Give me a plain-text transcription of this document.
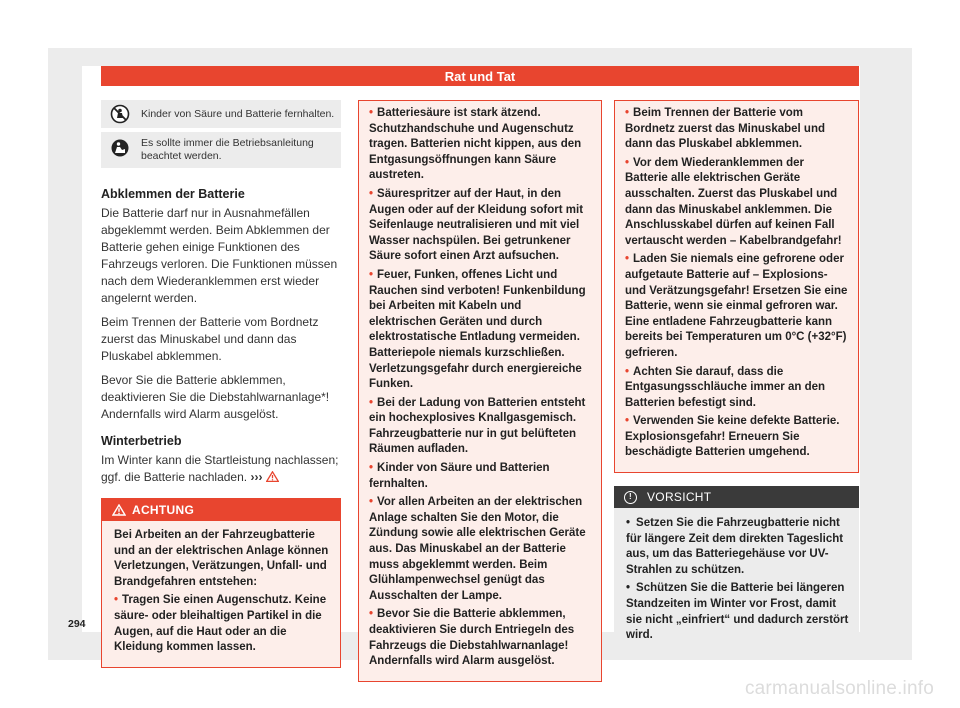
Rat und Tat
Kinder von Säure und Batterie fernhalten.
Es sollte immer die Betriebsanleitung beachtet werden.
Abklemmen der Batterie

Die Batterie darf nur in Ausnahmefällen abgeklemmt werden. Beim Abklemmen der Batterie gehen einige Funktionen des Fahrzeugs verloren. Die Funktionen müssen nach dem Wiederanklemmen erst wieder angelernt werden.

Beim Trennen der Batterie vom Bordnetz zuerst das Minuskabel und dann das Pluskabel abklemmen.

Bevor Sie die Batterie abklemmen, deaktivieren Sie die Diebstahlwarnanlage*! Andernfalls wird Alarm ausgelöst.

Winterbetrieb

Im Winter kann die Startleistung nachlassen; ggf. die Batterie nachladen. ›››

ACHTUNG

Bei Arbeiten an der Fahrzeugbatterie und an der elektrischen Anlage können Verletzungen, Verätzungen, Unfall- und Brandgefahren entstehen:

• Tragen Sie einen Augenschutz. Keine säure- oder bleihaltigen Partikel in die Augen, auf die Haut oder an die Kleidung kommen lassen.

• Batteriesäure ist stark ätzend. Schutzhandschuhe und Augenschutz tragen. Batterien nicht kippen, aus den Entgasungsöffnungen kann Säure austreten.

• Säurespritzer auf der Haut, in den Augen oder auf der Kleidung sofort mit Seifenlauge neutralisieren und mit viel Wasser nachspülen. Bei getrunkener Säure sofort einen Arzt aufsuchen.

• Feuer, Funken, offenes Licht und Rauchen sind verboten! Funkenbildung bei Arbeiten mit Kabeln und elektrischen Geräten und durch elektrostatische Entladung vermeiden. Batteriepole niemals kurzschließen. Verletzungsgefahr durch energiereiche Funken.

• Bei der Ladung von Batterien entsteht ein hochexplosives Knallgasgemisch. Fahrzeugbatterie nur in gut belüfteten Räumen aufladen.

• Kinder von Säure und Batterien fernhalten.

• Vor allen Arbeiten an der elektrischen Anlage schalten Sie den Motor, die Zündung sowie alle elektrischen Geräte aus. Das Minuskabel an der Batterie muss abgeklemmt werden. Beim Glühlampenwechsel genügt das Ausschalten der Lampe.

• Bevor Sie die Batterie abklemmen, deaktivieren Sie durch Entriegeln des Fahrzeugs die Diebstahlwarnanlage! Andernfalls wird Alarm ausgelöst.

• Beim Trennen der Batterie vom Bordnetz zuerst das Minuskabel und dann das Pluskabel abklemmen.

• Vor dem Wiederanklemmen der Batterie alle elektrischen Geräte ausschalten. Zuerst das Pluskabel und dann das Minuskabel anklemmen. Die Anschlusskabel dürfen auf keinen Fall vertauscht werden – Kabelbrandgefahr!

• Laden Sie niemals eine gefrorene oder aufgetaute Batterie auf – Explosions- und Verätzungsgefahr! Ersetzen Sie eine Batterie, wenn sie einmal gefroren war. Eine entladene Fahrzeugbatterie kann bereits bei Temperaturen um 0°C (+32°F) gefrieren.

• Achten Sie darauf, dass die Entgasungsschläuche immer an den Batterien befestigt sind.

• Verwenden Sie keine defekte Batterie. Explosionsgefahr! Erneuern Sie beschädigte Batterien umgehend.

!	VORSICHT

• Setzen Sie die Fahrzeugbatterie nicht für längere Zeit dem direkten Tageslicht aus, um das Batteriegehäuse vor UV-Strahlen zu schützen.

• Schützen Sie die Batterie bei längeren Standzeiten im Winter vor Frost, damit sie nicht „einfriert“ und dadurch zerstört wird.

294
carmanualsonline.info
